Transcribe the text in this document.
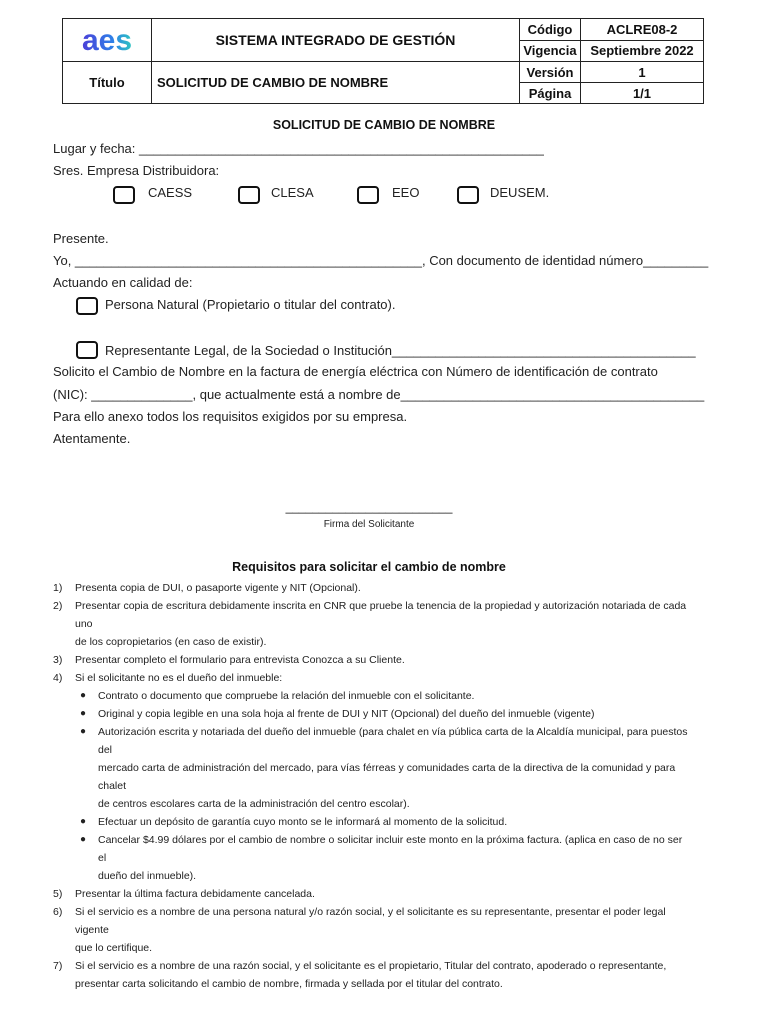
aes	SISTEMA INTEGRADO DE GESTIÓN	Código	ACLRE08-2
		Vigencia	Septiembre 2022
Título	SOLICITUD DE CAMBIO DE NOMBRE	Versión	1
		Página	1/1
SOLICITUD DE CAMBIO DE NOMBRE
Lugar y fecha: ________________________________________________________
Sres. Empresa Distribuidora:
CAESS	CLESA	EEO	DEUSEM.
Presente.
Yo, ________________________________________________, Con documento de identidad número_________
Actuando en calidad de:
Persona Natural (Propietario o titular del contrato).
Representante Legal, de la Sociedad o Institución__________________________________________
Solicito el Cambio de Nombre en la factura de energía eléctrica con Número de identificación de contrato
(NIC): ______________, que actualmente está a nombre de__________________________________________
Para ello anexo todos los requisitos exigidos por su empresa.
Atentamente.
_________________________
Firma del Solicitante
Requisitos para solicitar el cambio de nombre
1) Presenta copia de DUI, o pasaporte vigente y NIT (Opcional).
2) Presentar copia de escritura debidamente inscrita en CNR que pruebe la tenencia de la propiedad y autorización notariada de cada uno
de los copropietarios (en caso de existir).
3) Presentar completo el formulario para entrevista Conozca a su Cliente.
4) Si el solicitante no es el dueño del inmueble:
● Contrato o documento que compruebe la relación del inmueble con el solicitante.
● Original y copia legible en una sola hoja al frente de DUI y NIT (Opcional) del dueño del inmueble (vigente)
● Autorización escrita y notariada del dueño del inmueble (para chalet en vía pública carta de la Alcaldía municipal, para puestos del
mercado carta de administración del mercado, para vías férreas y comunidades carta de la directiva de la comunidad y para chalet
de centros escolares carta de la administración del centro escolar).
● Efectuar un depósito de garantía cuyo monto se le informará al momento de la solicitud.
● Cancelar $4.99 dólares por el cambio de nombre o solicitar incluir este monto en la próxima factura. (aplica en caso de no ser el
dueño del inmueble).
5) Presentar la última factura debidamente cancelada.
6) Si el servicio es a nombre de una persona natural y/o razón social, y el solicitante es su representante, presentar el poder legal vigente
que lo certifique.
7) Si el servicio es a nombre de una razón social, y el solicitante es el propietario, Titular del contrato, apoderado o representante,
presentar carta solicitando el cambio de nombre, firmada y sellada por el titular del contrato.
